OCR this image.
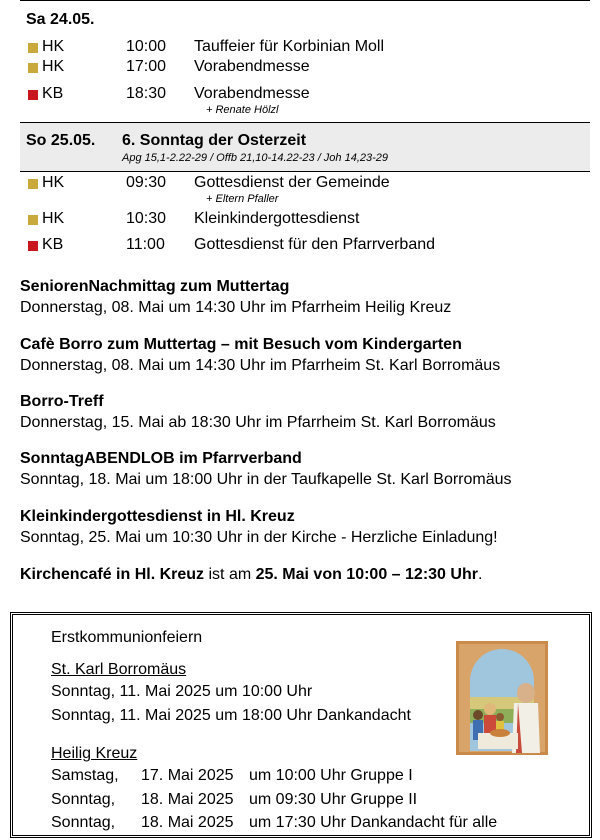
Sa 24.05.
HK	10:00 Tauffeier für Korbinian Moll
HK	17:00 Vorabendmesse
KB	18:30 Vorabendmesse
+ Renate Hölzl
So 25.05. 6. Sonntag der Osterzeit
Apg 15,1-2.22-29 / Offb 21,10-14.22-23 / Joh 14,23-29
HK	09:30 Gottesdienst der Gemeinde
+ Eltern Pfaller
HK	10:30 Kleinkindergottesdienst
KB	11:00 Gottesdienst für den Pfarrverband
SeniorenNachmittag zum Muttertag
Donnerstag, 08. Mai um 14:30 Uhr im Pfarrheim Heilig Kreuz
Cafè Borro zum Muttertag – mit Besuch vom Kindergarten
Donnerstag, 08. Mai um 14:30 Uhr im Pfarrheim St. Karl Borromäus
Borro-Treff
Donnerstag, 15. Mai ab 18:30 Uhr im Pfarrheim St. Karl Borromäus
SonntagABENDLOB im Pfarrverband
Sonntag, 18. Mai um 18:00 Uhr in der Taufkapelle St. Karl Borromäus
Kleinkindergottesdienst in Hl. Kreuz
Sonntag, 25. Mai um 10:30 Uhr in der Kirche - Herzliche Einladung!
Kirchencafé in Hl. Kreuz ist am 25. Mai von 10:00 – 12:30 Uhr.
Erstkommunionfeiern
St. Karl Borromäus
Sonntag, 11. Mai 2025 um 10:00 Uhr
Sonntag, 11. Mai 2025 um 18:00 Uhr Dankandacht
Heilig Kreuz
Samstag, 17. Mai 2025 um 10:00 Uhr Gruppe I
Sonntag, 18. Mai 2025 um 09:30 Uhr Gruppe II
Sonntag, 18. Mai 2025 um 17:30 Uhr Dankandacht für alle
